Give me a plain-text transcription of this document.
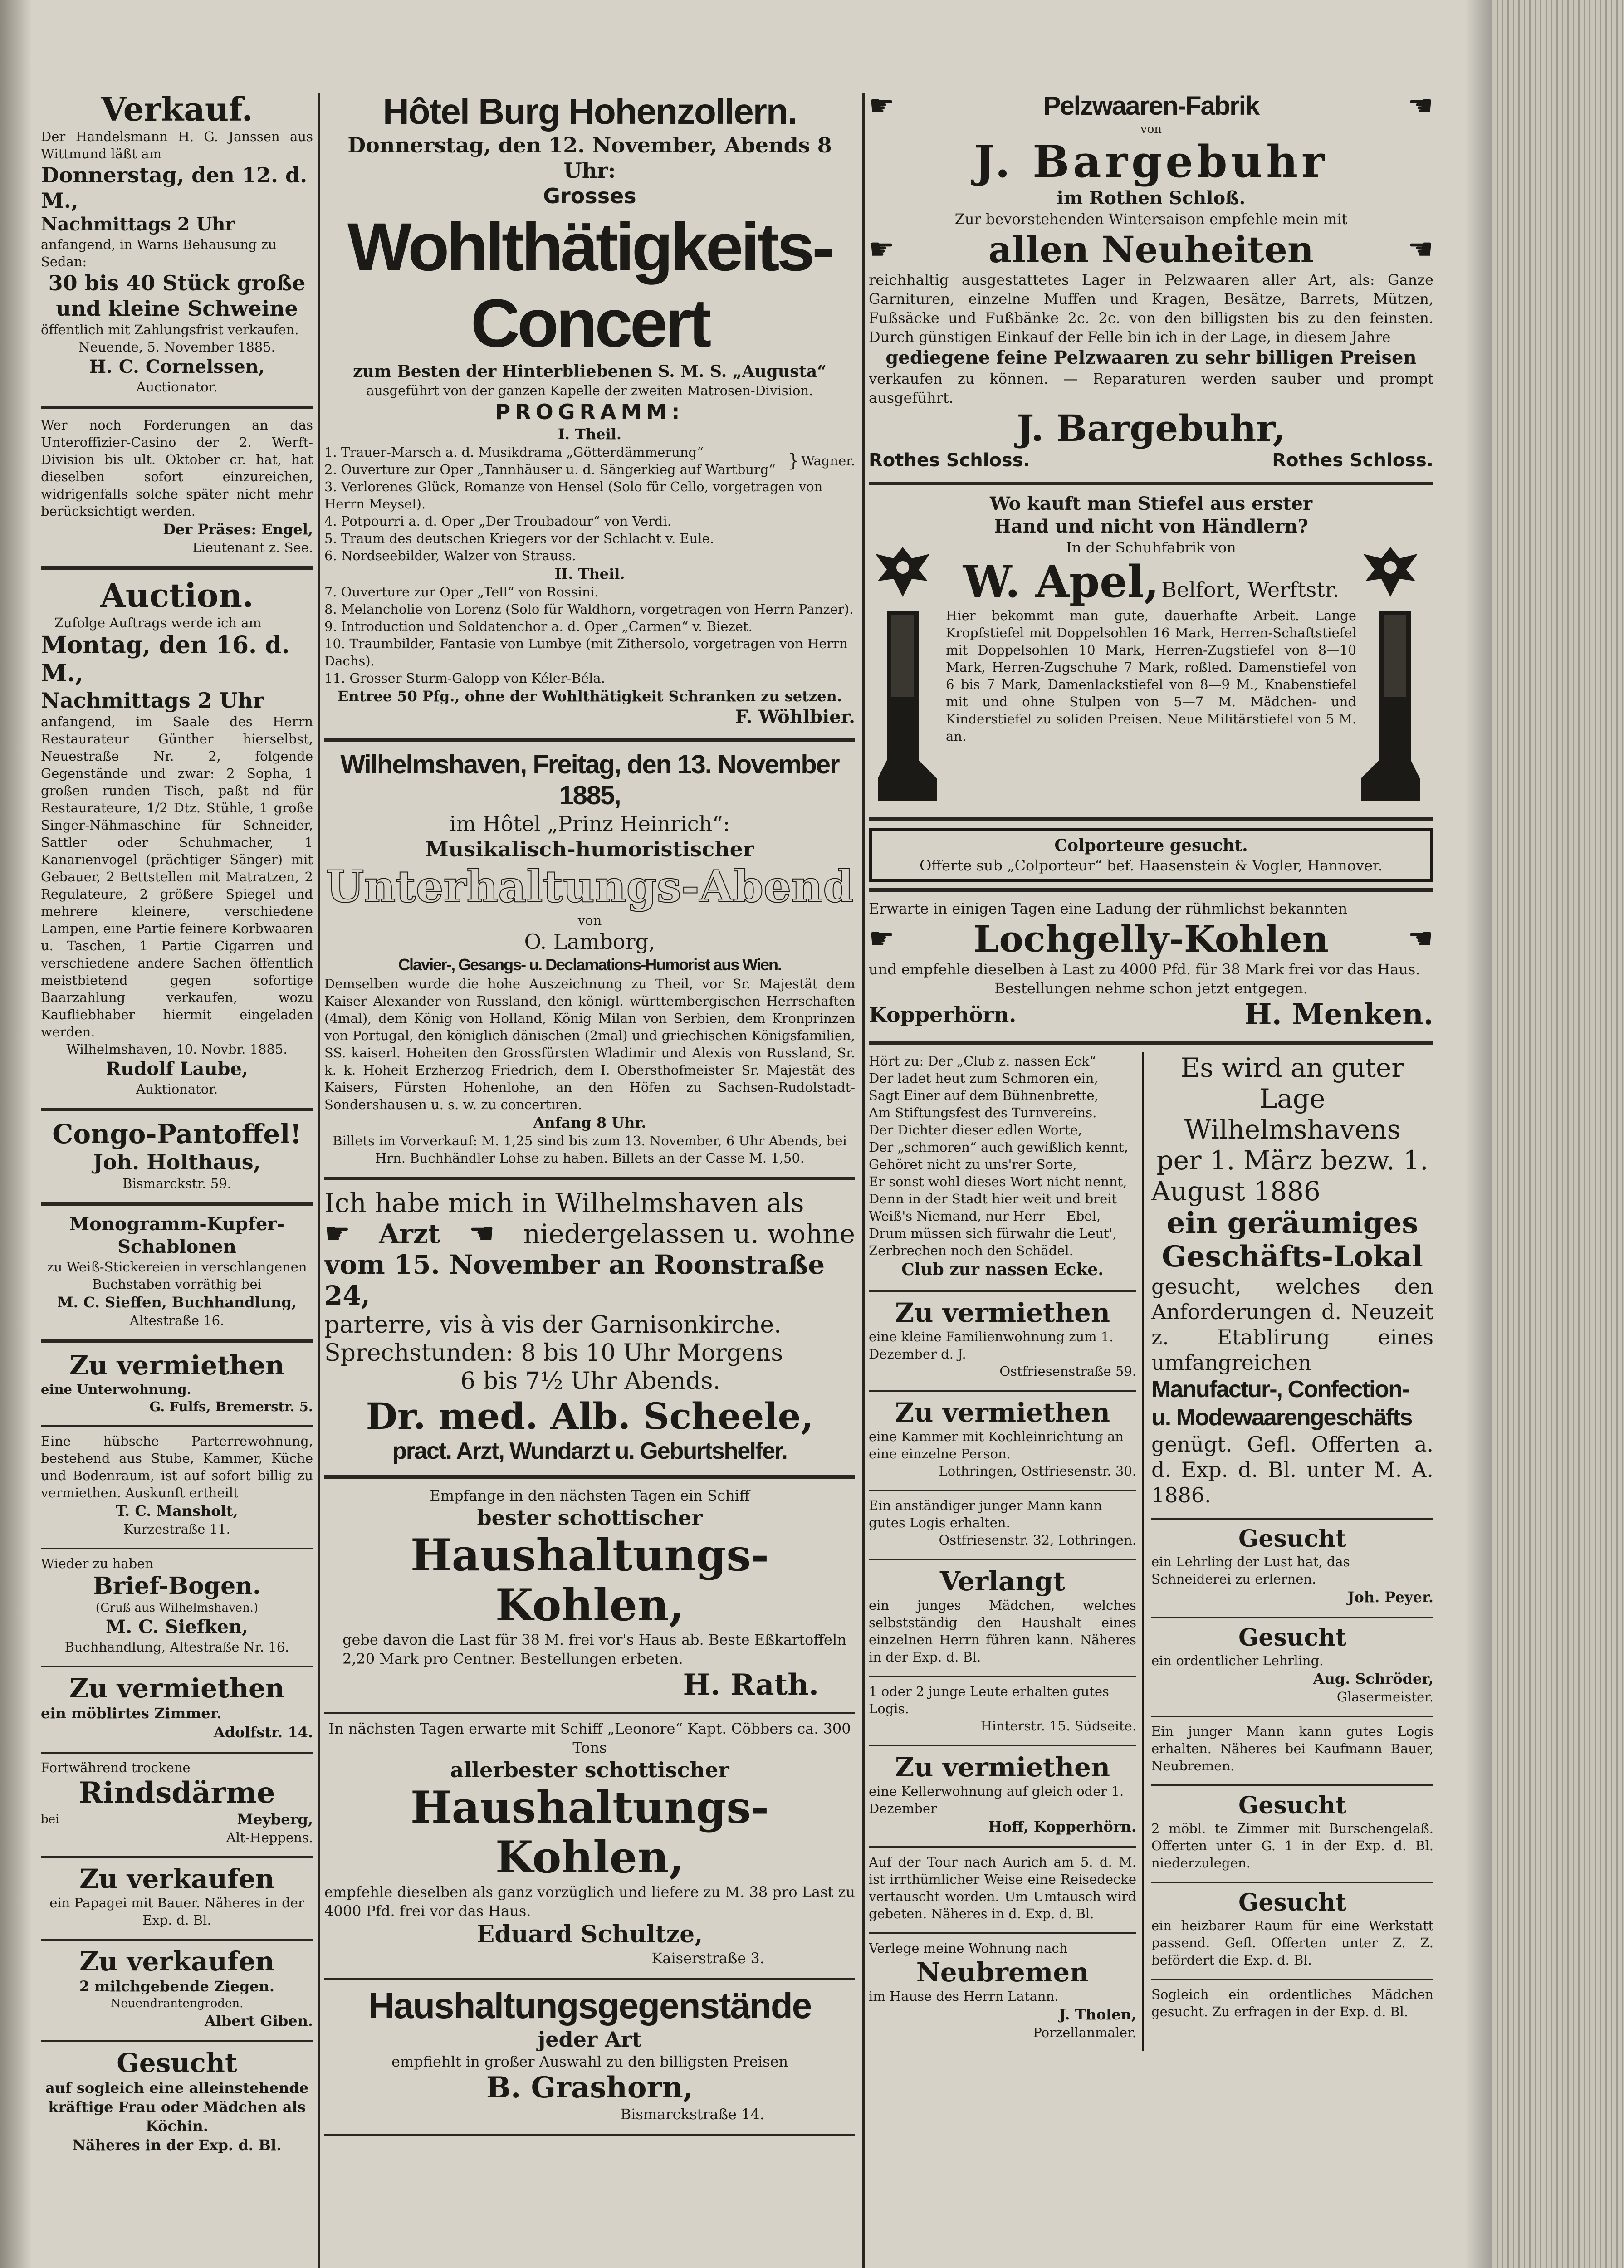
Verkauf.

Der Handelsmann H. G. Janssen aus Wittmund läßt am

Donnerstag, den 12. d. M.,
Nachmittags 2 Uhr

anfangend, in Warns Behausung zu Sedan:

30 bis 40 Stück große und kleine Schweine

öffentlich mit Zahlungsfrist verkaufen.

Neuende, 5. November 1885.
H. C. Cornelssen,
Auctionator.

Wer noch Forderungen an das Unteroffizier-Casino der 2. Werft-Division bis ult. Oktober cr. hat, hat dieselben sofort einzureichen, widrigenfalls solche später nicht mehr berücksichtigt werden.

Der Präses: Engel,
Lieutenant z. See.
Auction.

Zufolge Auftrags werde ich am

Montag, den 16. d. M.,
Nachmittags 2 Uhr

anfangend, im Saale des Herrn Restaurateur Günther hierselbst, Neuestraße Nr. 2, folgende Gegenstände und zwar: 2 Sopha, 1 großen runden Tisch, paßt nd für Restaurateure, 1/2 Dtz. Stühle, 1 große Singer-Nähmaschine für Schneider, Sattler oder Schuhmacher, 1 Kanarienvogel (prächtiger Sänger) mit Gebauer, 2 Bettstellen mit Matratzen, 2 Regulateure, 2 größere Spiegel und mehrere kleinere, verschiedene Lampen, eine Partie feinere Korbwaaren u. Taschen, 1 Partie Cigarren und verschiedene andere Sachen öffentlich meistbietend gegen sofortige Baarzahlung verkaufen, wozu Kaufliebhaber hiermit eingeladen werden.

Wilhelmshaven, 10. Novbr. 1885.
Rudolf Laube,
Auktionator.
Congo-Pantoffel!
Joh. Holthaus,
Bismarckstr. 59.
Monogramm-Kupfer-Schablonen

zu Weiß-Stickereien in verschlangenen Buchstaben vorräthig bei

M. C. Sieffen, Buchhandlung,
Altestraße 16.
Zu vermiethen
eine Unterwohnung.
G. Fulfs, Bremerstr. 5.

Eine hübsche Parterrewohnung, bestehend aus Stube, Kammer, Küche und Bodenraum, ist auf sofort billig zu vermiethen. Auskunft ertheilt

T. C. Mansholt,
Kurzestraße 11.
Wieder zu haben
Brief-Bogen.
(Gruß aus Wilhelmshaven.)
M. C. Siefken,
Buchhandlung, Altestraße Nr. 16.
Zu vermiethen
ein möblirtes Zimmer.
Adolfstr. 14.
Fortwährend trockene
Rindsdärme
bei	Meyberg,
Alt-Heppens.
Zu verkaufen

ein Papagei mit Bauer. Näheres in der Exp. d. Bl.

Zu verkaufen
2 milchgebende Ziegen.
Neuendrantengroden.
Albert Giben.
Gesucht

auf sogleich eine alleinstehende kräftige Frau oder Mädchen als Köchin.

Näheres in der Exp. d. Bl.
Hôtel Burg Hohenzollern.
Donnerstag, den 12. November, Abends 8 Uhr:
Grosses
Wohlthätigkeits-Concert
zum Besten der Hinterbliebenen S. M. S. „Augusta“
ausgeführt von der ganzen Kapelle der zweiten Matrosen-Division.
PROGRAMM:
I. Theil.
1. Trauer-Marsch a. d. Musikdrama „Götterdämmerung“
2. Ouverture zur Oper „Tannhäuser u. d. Sängerkieg auf Wartburg“ } Wagner.
3. Verlorenes Glück, Romanze von Hensel (Solo für Cello, vorgetragen von Herrn Meysel).
4. Potpourri a. d. Oper „Der Troubadour“ von Verdi.
5. Traum des deutschen Kriegers vor der Schlacht v. Eule.
6. Nordseebilder, Walzer von Strauss.
II. Theil.
7. Ouverture zur Oper „Tell“ von Rossini.
8. Melancholie von Lorenz (Solo für Waldhorn, vorgetragen von Herrn Panzer).
9. Introduction und Soldatenchor a. d. Oper „Carmen“ v. Biezet.
10. Traumbilder, Fantasie von Lumbye (mit Zithersolo, vorgetragen von Herrn Dachs).
11. Grosser Sturm-Galopp von Kéler-Béla.
Entree 50 Pfg., ohne der Wohlthätigkeit Schranken zu setzen.
F. Wöhlbier.
Wilhelmshaven, Freitag, den 13. November 1885,
im Hôtel „Prinz Heinrich“:
Musikalisch-humoristischer
Unterhaltungs-Abend
von
O. Lamborg,
Clavier-, Gesangs- u. Declamations-Humorist aus Wien.

Demselben wurde die hohe Auszeichnung zu Theil, vor Sr. Majestät dem Kaiser Alexander von Russland, den königl. württembergischen Herrschaften (4mal), dem König von Holland, König Milan von Serbien, dem Kronprinzen von Portugal, den königlich dänischen (2mal) und griechischen Königsfamilien, SS. kaiserl. Hoheiten den Grossfürsten Wladimir und Alexis von Russland, Sr. k. k. Hoheit Erzherzog Friedrich, dem I. Obersthofmeister Sr. Majestät des Kaisers, Fürsten Hohenlohe, an den Höfen zu Sachsen-Rudolstadt-Sondershausen u. s. w. zu concertiren.

Anfang 8 Uhr.

Billets im Vorverkauf: M. 1,25 sind bis zum 13. November, 6 Uhr Abends, bei Hrn. Buchhändler Lohse zu haben. Billets an der Casse M. 1,50.

Ich habe mich in Wilhelmshaven als
☛ Arzt ☚ niedergelassen u. wohne
vom 15. November an Roonstraße 24,
parterre, vis à vis der Garnisonkirche.
Sprechstunden: 8 bis 10 Uhr Morgens
6 bis 7½ Uhr Abends.
Dr. med. Alb. Scheele,
pract. Arzt, Wundarzt u. Geburtshelfer.
Empfange in den nächsten Tagen ein Schiff
bester schottischer
Haushaltungs-Kohlen,

gebe davon die Last für 38 M. frei vor's Haus ab. Beste Eßkartoffeln 2,20 Mark pro Centner. Bestellungen erbeten.

H. Rath.

In nächsten Tagen erwarte mit Schiff „Leonore“ Kapt. Cöbbers ca. 300 Tons

allerbester schottischer
Haushaltungs-Kohlen,

empfehle dieselben als ganz vorzüglich und liefere zu M. 38 pro Last zu 4000 Pfd. frei vor das Haus.

Eduard Schultze,
Kaiserstraße 3.
Haushaltungsgegenstände
jeder Art
empfiehlt in großer Auswahl zu den billigsten Preisen
B. Grashorn,
Bismarckstraße 14.
☛	Pelzwaaren-Fabrik	☚
von
J. Bargebuhr
im Rothen Schloß.
Zur bevorstehenden Wintersaison empfehle mein mit
☛	allen Neuheiten	☚

reichhaltig ausgestattetes Lager in Pelzwaaren aller Art, als: Ganze Garnituren, einzelne Muffen und Kragen, Besätze, Barrets, Mützen, Fußsäcke und Fußbänke 2c. 2c. von den billigsten bis zu den feinsten. Durch günstigen Einkauf der Felle bin ich in der Lage, in diesem Jahre

gediegene feine Pelzwaaren zu sehr billigen Preisen

verkaufen zu können. — Reparaturen werden sauber und prompt ausgeführt.

J. Bargebuhr,
Rothes Schloss.	Rothes Schloss.
Wo kauft man Stiefel aus erster
Hand und nicht von Händlern?
In der Schuhfabrik von
W. Apel, Belfort, Werftstr.

Hier bekommt man gute, dauerhafte Arbeit. Lange Kropfstiefel mit Doppelsohlen 16 Mark, Herren-Schaftstiefel mit Doppelsohlen 10 Mark, Herren-Zugstiefel von 8—10 Mark, Herren-Zugschuhe 7 Mark, roßled. Damenstiefel von 6 bis 7 Mark, Damenlackstiefel von 8—9 M., Knabenstiefel mit und ohne Stulpen von 5—7 M. Mädchen- und Kinderstiefel zu soliden Preisen. Neue Militärstiefel von 5 M. an.

Colporteure gesucht.
Offerte sub „Colporteur“ bef. Haasenstein & Vogler, Hannover.

Erwarte in einigen Tagen eine Ladung der rühmlichst bekannten

☛ Lochgelly-Kohlen	☚

und empfehle dieselben à Last zu 4000 Pfd. für 38 Mark frei vor das Haus.

Bestellungen nehme schon jetzt entgegen.
Kopperhörn.	H. Menken.
Hört zu: Der „Club z. nassen Eck“
Der ladet heut zum Schmoren ein,
Sagt Einer auf dem Bühnenbrette,
Am Stiftungsfest des Turnvereins.
Der Dichter dieser edlen Worte,
Der „schmoren“ auch gewißlich kennt,
Gehöret nicht zu uns'rer Sorte,
Er sonst wohl dieses Wort nicht nennt,
Denn in der Stadt hier weit und breit
Weiß's Niemand, nur Herr — Ebel,
Drum müssen sich fürwahr die Leut',
Zerbrechen noch den Schädel.
Club zur nassen Ecke.
Zu vermiethen

eine kleine Familienwohnung zum 1. Dezember d. J.

Ostfriesenstraße 59.
Zu vermiethen

eine Kammer mit Kochleinrichtung an eine einzelne Person.

Lothringen, Ostfriesenstr. 30.

Ein anständiger junger Mann kann gutes Logis erhalten.

Ostfriesenstr. 32, Lothringen.
Verlangt

ein junges Mädchen, welches selbstständig den Haushalt eines einzelnen Herrn führen kann. Näheres in der Exp. d. Bl.

1 oder 2 junge Leute erhalten gutes Logis.

Hinterstr. 15. Südseite.
Zu vermiethen

eine Kellerwohnung auf gleich oder 1. Dezember

Hoff, Kopperhörn.

Auf der Tour nach Aurich am 5. d. M. ist irrthümlicher Weise eine Reisedecke vertauscht worden. Um Umtausch wird gebeten. Näheres in d. Exp. d. Bl.

Verlege meine Wohnung nach
Neubremen
im Hause des Herrn Latann.
J. Tholen,
Porzellanmaler.
Es wird an guter
Lage Wilhelmshavens
per 1. März bezw. 1.
August 1886
ein geräumiges
Geschäfts-Lokal

gesucht, welches den Anforderungen d. Neuzeit z. Etablirung eines umfangreichen

Manufactur-, Confection-
u. Modewaarengeschäfts

genügt. Gefl. Offerten a. d. Exp. d. Bl. unter M. A. 1886.

Gesucht

ein Lehrling der Lust hat, das Schneiderei zu erlernen.

Joh. Peyer.
Gesucht
ein ordentlicher Lehrling.
Aug. Schröder,
Glasermeister.

Ein junger Mann kann gutes Logis erhalten. Näheres bei Kaufmann Bauer, Neubremen.

Gesucht

2 möbl. te Zimmer mit Burschengelaß. Offerten unter G. 1 in der Exp. d. Bl. niederzulegen.

Gesucht

ein heizbarer Raum für eine Werkstatt passend. Gefl. Offerten unter Z. Z. befördert die Exp. d. Bl.

Sogleich ein ordentliches Mädchen gesucht. Zu erfragen in der Exp. d. Bl.
